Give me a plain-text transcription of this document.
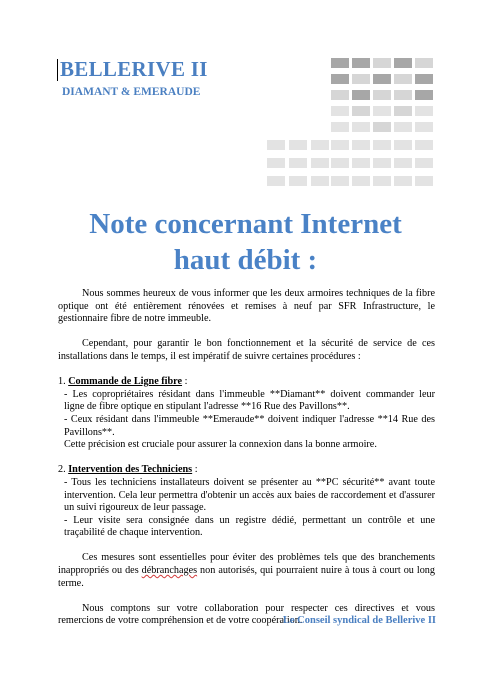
BELLERIVE II
DIAMANT & EMERAUDE
Note concernant Internet
haut débit :

Nous sommes heureux de vous informer que les deux armoires techniques de la fibre optique ont été entièrement rénovées et remises à neuf par SFR Infrastructure, le gestionnaire fibre de notre immeuble.

Cependant, pour garantir le bon fonctionnement et la sécurité de service de ces installations dans le temps, il est impératif de suivre certaines procédures :

1. Commande de Ligne fibre :
- Les copropriétaires résidant dans l'immeuble **Diamant** doivent commander leur ligne de fibre optique en stipulant l'adresse **16 Rue des Pavillons**.
- Ceux résidant dans l'immeuble **Emeraude** doivent indiquer l'adresse **14 Rue des Pavillons**.
Cette précision est cruciale pour assurer la connexion dans la bonne armoire.
2. Intervention des Techniciens :
- Tous les techniciens installateurs doivent se présenter au **PC sécurité** avant toute intervention. Cela leur permettra d'obtenir un accès aux baies de raccordement et d'assurer un suivi rigoureux de leur passage.
- Leur visite sera consignée dans un registre dédié, permettant un contrôle et une traçabilité de chaque intervention.

Ces mesures sont essentielles pour éviter des problèmes tels que des branchements inappropriés ou des débranchages non autorisés, qui pourraient nuire à tous à court ou long terme.

Nous comptons sur votre collaboration pour respecter ces directives et vous remercions de votre compréhension et de votre coopération.

Le Conseil syndical de Bellerive II
